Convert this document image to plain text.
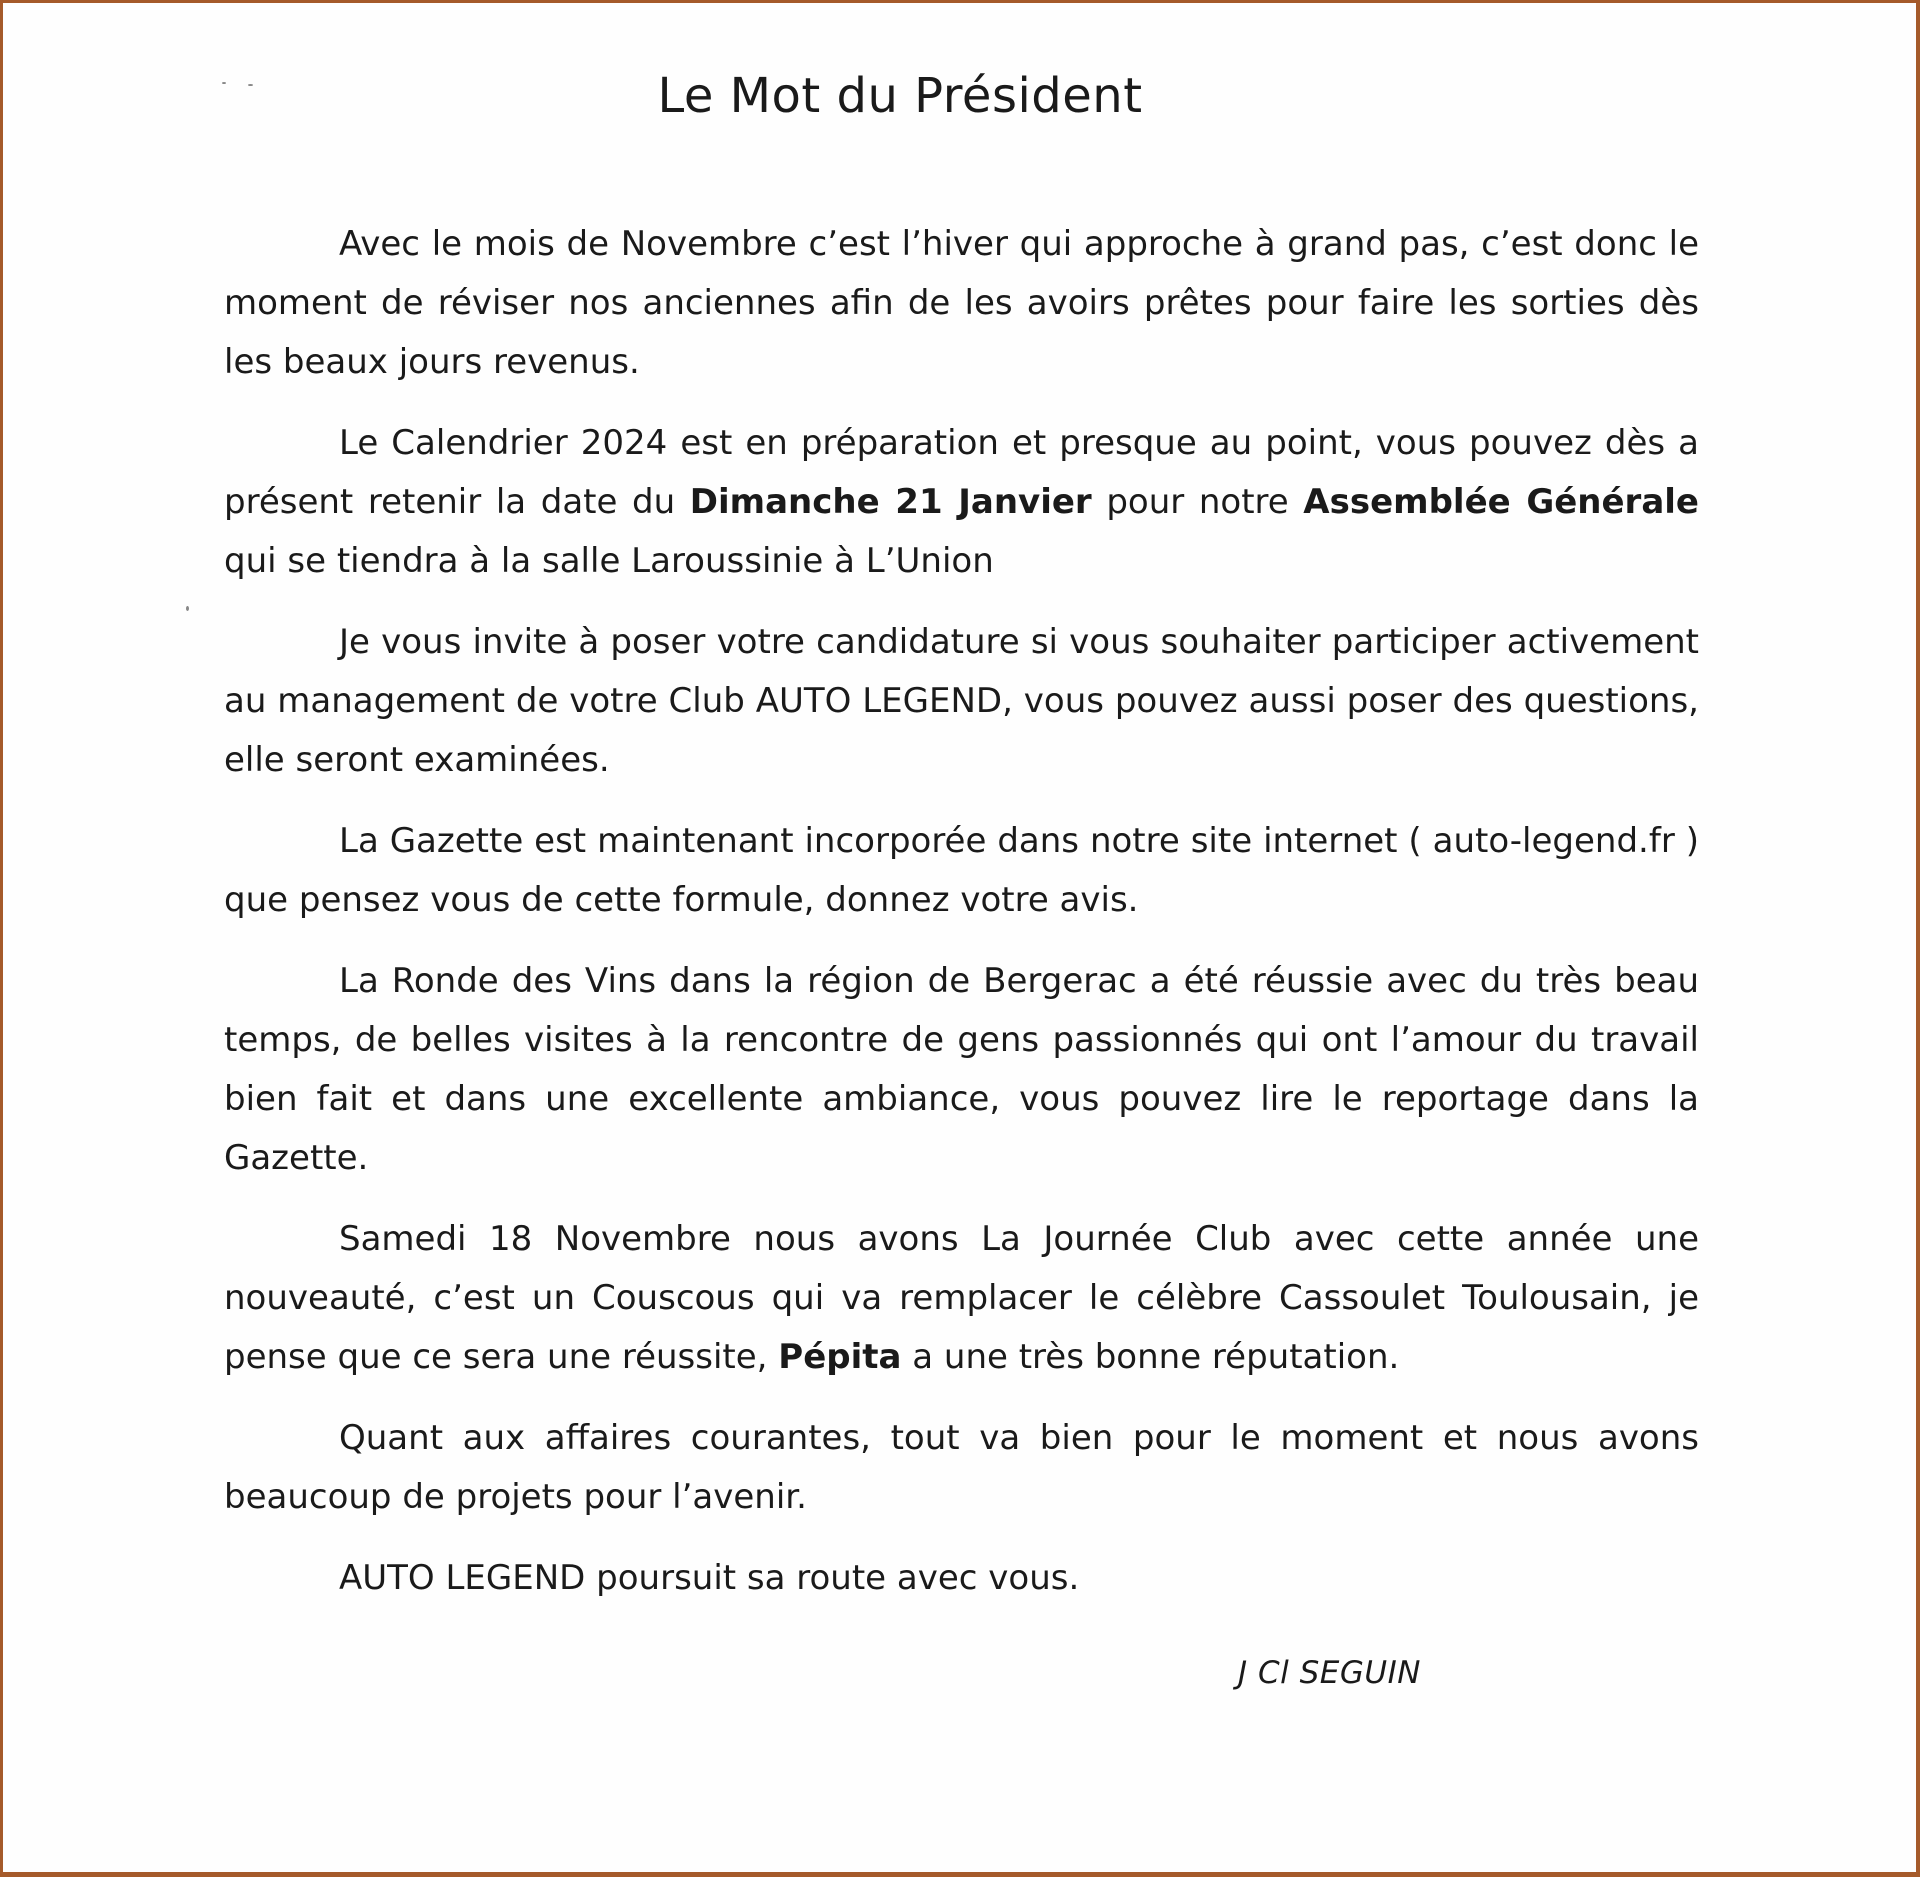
Le Mot du Président

Avec le mois de Novembre c’est l’hiver qui approche à grand pas, c’est donc le moment de réviser nos anciennes afin de les avoirs prêtes pour faire les sorties dès les beaux jours revenus.

Le Calendrier 2024 est en préparation et presque au point, vous pouvez dès a présent retenir la date du Dimanche 21 Janvier pour notre Assemblée Générale qui se tiendra à la salle Laroussinie à L’Union

Je vous invite à poser votre candidature si vous souhaiter participer activement au management de votre Club AUTO LEGEND, vous pouvez aussi poser des questions, elle seront examinées.

La Gazette est maintenant incorporée dans notre site internet ( auto-legend.fr ) que pensez vous de cette formule, donnez votre avis.

La Ronde des Vins dans la région de Bergerac a été réussie avec du très beau temps, de belles visites à la rencontre de gens passionnés qui ont l’amour du travail bien fait et dans une excellente ambiance, vous pouvez lire le reportage dans la Gazette.

Samedi 18 Novembre nous avons La Journée Club avec cette année une nouveauté, c’est un Couscous qui va remplacer le célèbre Cassoulet Toulousain, je pense que ce sera une réussite, Pépita a une très bonne réputation.

Quant aux affaires courantes, tout va bien pour le moment et nous avons beaucoup de projets pour l’avenir.

AUTO LEGEND poursuit sa route avec vous.

J Cl SEGUIN
